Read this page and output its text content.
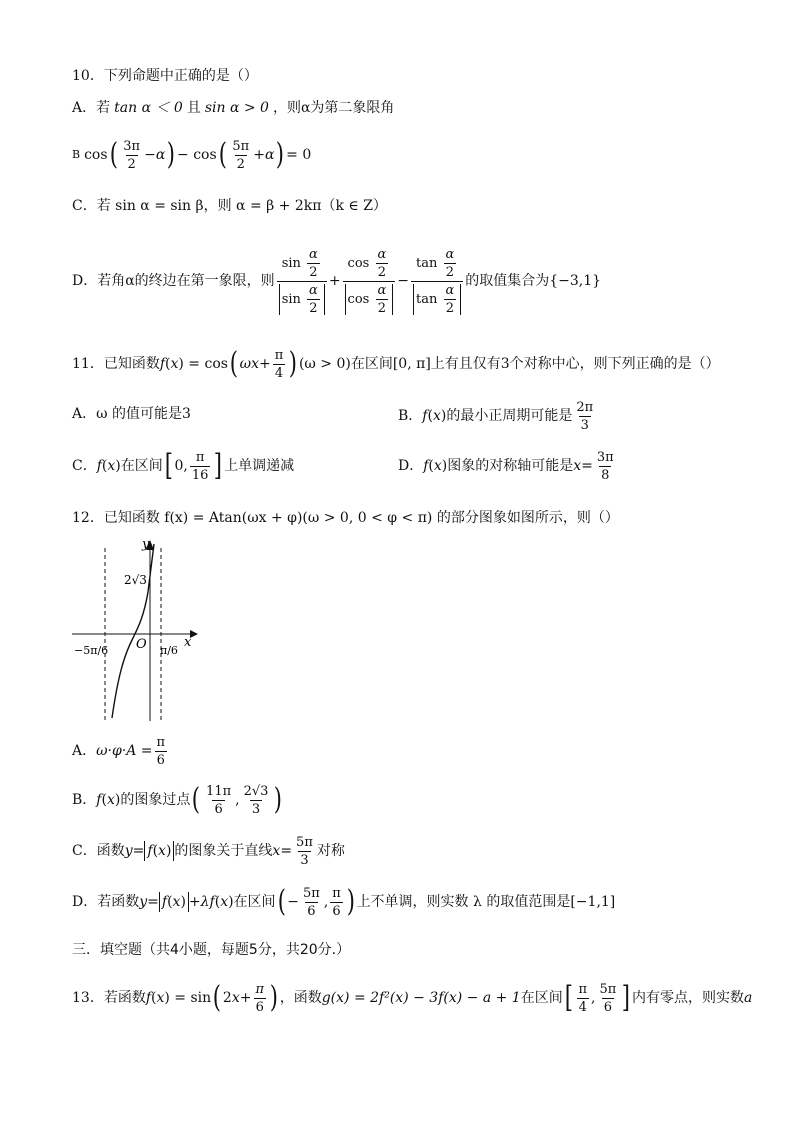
10．下列命题中正确的是（）
A．若 tan α ＜ 0 且 sin α > 0 ，则α为第二象限角
B cos ( $\frac{3\pi}{2} - \alpha$ ) − cos ( $\frac{5\pi}{2} + \alpha$ ) = 0
C．若 sin α = sin β，则 α = β + 2kπ（k ∈ Z）
D．若角α的终边在第一象限，则 $\frac{\sin \frac{\alpha}{2}}{\sin \frac{\alpha}{2}} + \frac{\cos \frac{\alpha}{2}}{\cos \frac{\alpha}{2}} - \frac{\tan \frac{\alpha}{2}}{\tan \frac{\alpha}{2}}$ 的取值集合为{−3,1}
11．已知函数 f ( x ) = cos ( $\omega x + \frac{\pi}{4}$ ) (ω > 0)在区间[0, π]上有且仅有3个对称中心，则下列正确的是（）
A．ω 的值可能是3	B． f ( x ) 的最小正周期可能是 $\frac{2\pi}{3}$
C． f ( x ) 在区间 [ 0, $\frac{\pi}{16}$ ] 上单调递减	D． f ( x ) 图象的对称轴可能是 $x = \frac{3\pi}{8}$
12．已知函数 f(x) = Atan(ωx + φ)(ω > 0, 0 < φ < π) 的部分图象如图所示，则（）
y
x
O
2√3
−5π/6	π/6
A． $\omega\cdot\varphi\cdot A = \frac{\pi}{6}$
B． f ( x ) 的图象过点 ( $\frac{11\pi}{6}$ , $\frac{2√3}{3}$ )
C．函数 y = f(x) 的图象关于直线 $x = \frac{5\pi}{3}$ 对称
D．若函数 y = f(x) + λf ( x ) 在区间 ( − $\frac{5\pi}{6}$ , $\frac{\pi}{6}$ ) 上不单调，则实数 λ 的取值范围是 [−1,1]
三．填空题（共4小题，每题5分，共20分.）
13．若函数 f ( x ) = sin ( 2 $x + \frac{\pi}{6}$ ) ，函数 g(x) = 2f²(x) − 3f(x) − a + 1 在区间 [ $\frac{\pi}{4}$ , $\frac{5\pi}{6}$ ] 内有零点，则实数 a
